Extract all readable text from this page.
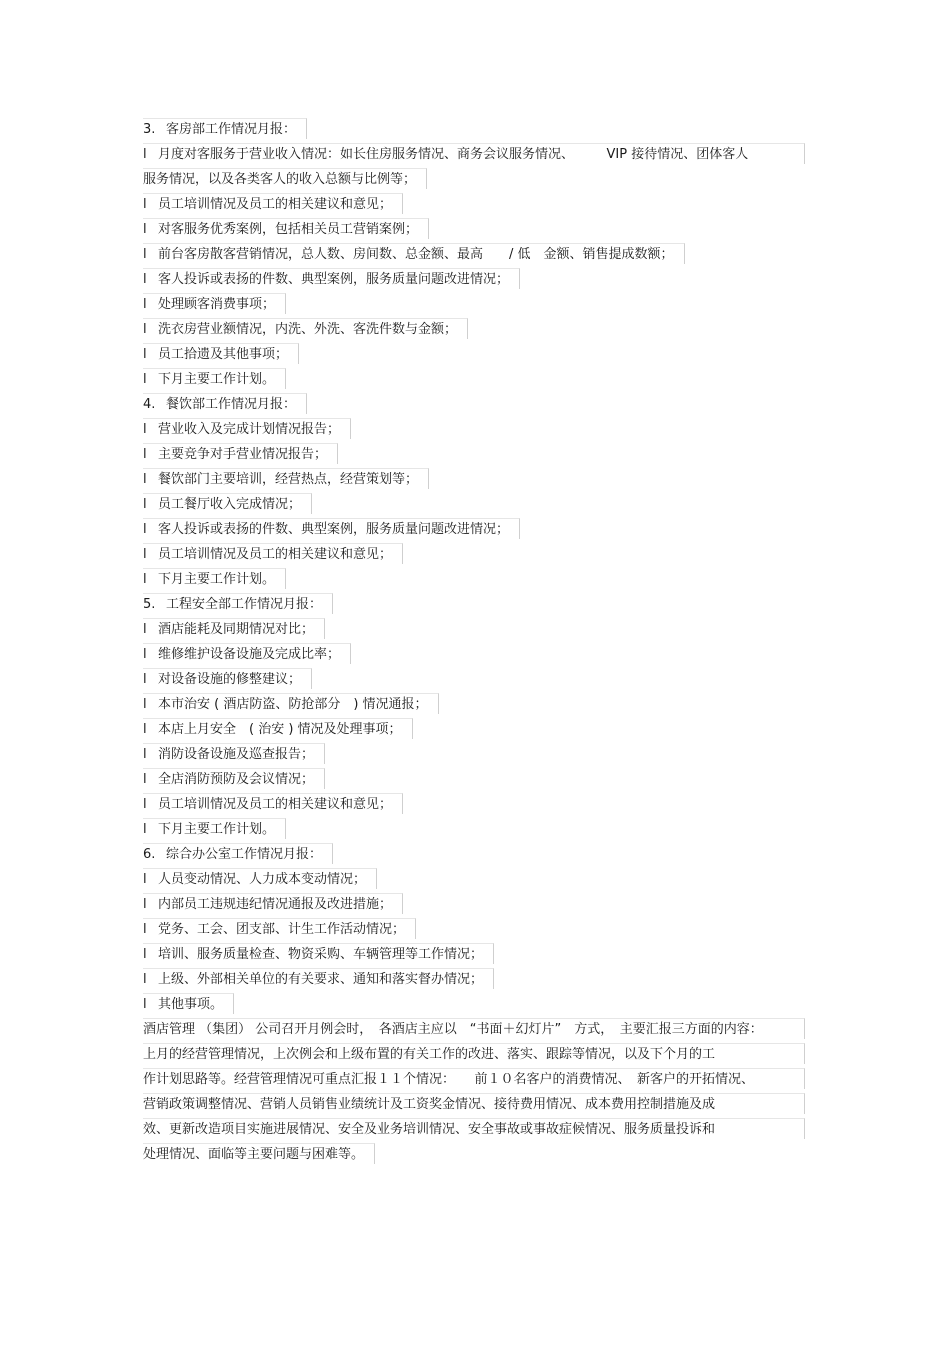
3. 客房部工作情况月报：
l 月度对客服务于营业收入情况：如长住房服务情况、商务会议服务情况、　　　VIP 接待情况、团体客人
服务情况，以及各类客人的收入总额与比例等；
l 员工培训情况及员工的相关建议和意见；
l 对客服务优秀案例，包括相关员工营销案例；
l 前台客房散客营销情况，总人数、房间数、总金额、最高　　/ 低　金额、销售提成数额；
l 客人投诉或表扬的件数、典型案例，服务质量问题改进情况；
l 处理顾客消费事项；
l 洗衣房营业额情况，内洗、外洗、客洗件数与金额；
l 员工拾遗及其他事项；
l 下月主要工作计划。
4. 餐饮部工作情况月报：
l 营业收入及完成计划情况报告；
l 主要竞争对手营业情况报告；
l 餐饮部门主要培训，经营热点，经营策划等；
l 员工餐厅收入完成情况；
l 客人投诉或表扬的件数、典型案例，服务质量问题改进情况；
l 员工培训情况及员工的相关建议和意见；
l 下月主要工作计划。
5. 工程安全部工作情况月报：
l 酒店能耗及同期情况对比；
l 维修维护设备设施及完成比率；
l 对设备设施的修整建议；
l 本市治安 ( 酒店防盗、防抢部分　) 情况通报；
l 本店上月安全　( 治安 ) 情况及处理事项；
l 消防设备设施及巡查报告；
l 全店消防预防及会议情况；
l 员工培训情况及员工的相关建议和意见；
l 下月主要工作计划。
6. 综合办公室工作情况月报：
l 人员变动情况、人力成本变动情况；
l 内部员工违规违纪情况通报及改进措施；
l 党务、工会、团支部、计生工作活动情况；
l 培训、服务质量检查、物资采购、车辆管理等工作情况；
l 上级、外部相关单位的有关要求、通知和落实督办情况；
l 其他事项。
酒店管理 （集团） 公司召开月例会时，　各酒店主应以　“书面＋幻灯片”　方式，　主要汇报三方面的内容：
上月的经营管理情况，上次例会和上级布置的有关工作的改进、落实、跟踪等情况，以及下个月的工
作计划思路等。经营管理情况可重点汇报１１个情况：　　前１０名客户的消费情况、　新客户的开拓情况、
营销政策调整情况、营销人员销售业绩统计及工资奖金情况、接待费用情况、成本费用控制措施及成
效、更新改造项目实施进展情况、安全及业务培训情况、安全事故或事故症候情况、服务质量投诉和
处理情况、面临等主要问题与困难等。
